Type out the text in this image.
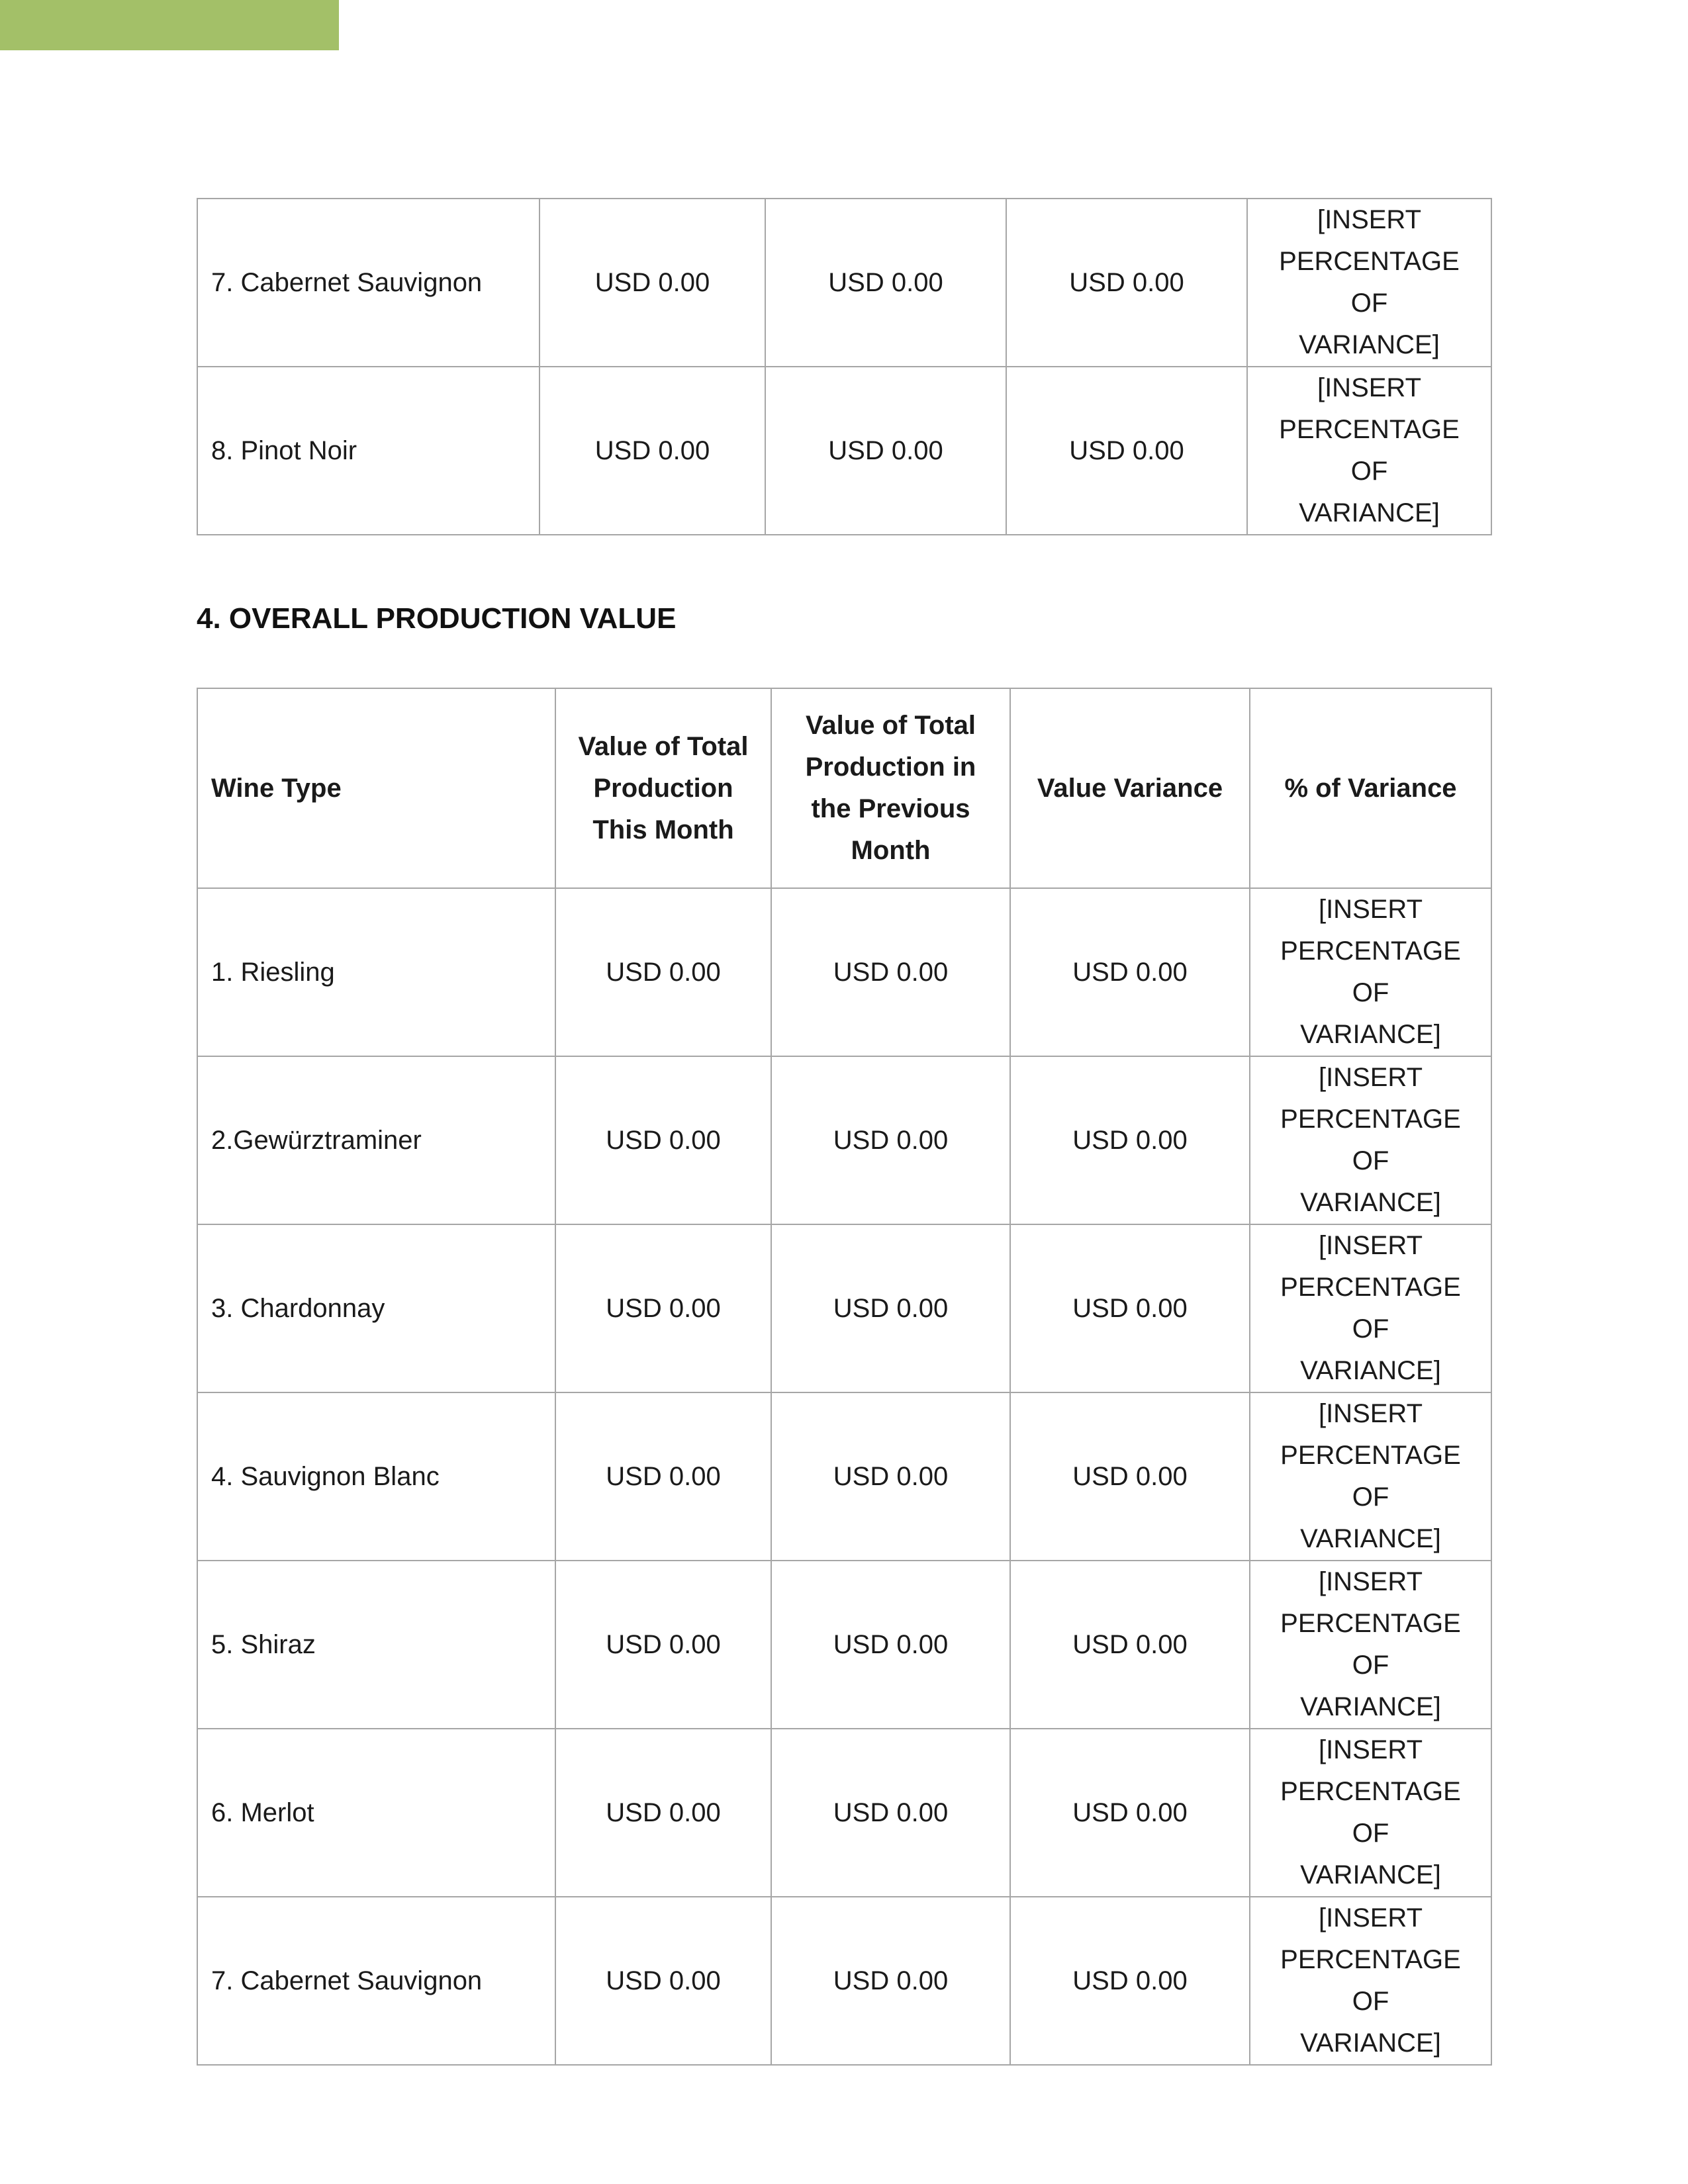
7. Cabernet Sauvignon	USD 0.00	USD 0.00	USD 0.00	[INSERT
PERCENTAGE OF
VARIANCE]
8. Pinot Noir	USD 0.00	USD 0.00	USD 0.00	[INSERT
PERCENTAGE OF
VARIANCE]
4. OVERALL PRODUCTION VALUE
Wine Type	Value of Total Production This Month	Value of Total Production in the Previous Month	Value Variance	% of Variance
1. Riesling	USD 0.00	USD 0.00	USD 0.00	[INSERT
PERCENTAGE OF
VARIANCE]
2.Gewürztraminer	USD 0.00	USD 0.00	USD 0.00	[INSERT
PERCENTAGE OF
VARIANCE]
3. Chardonnay	USD 0.00	USD 0.00	USD 0.00	[INSERT
PERCENTAGE OF
VARIANCE]
4. Sauvignon Blanc	USD 0.00	USD 0.00	USD 0.00	[INSERT
PERCENTAGE OF
VARIANCE]
5. Shiraz	USD 0.00	USD 0.00	USD 0.00	[INSERT
PERCENTAGE OF
VARIANCE]
6. Merlot	USD 0.00	USD 0.00	USD 0.00	[INSERT
PERCENTAGE OF
VARIANCE]
7. Cabernet Sauvignon	USD 0.00	USD 0.00	USD 0.00	[INSERT
PERCENTAGE OF
VARIANCE]
